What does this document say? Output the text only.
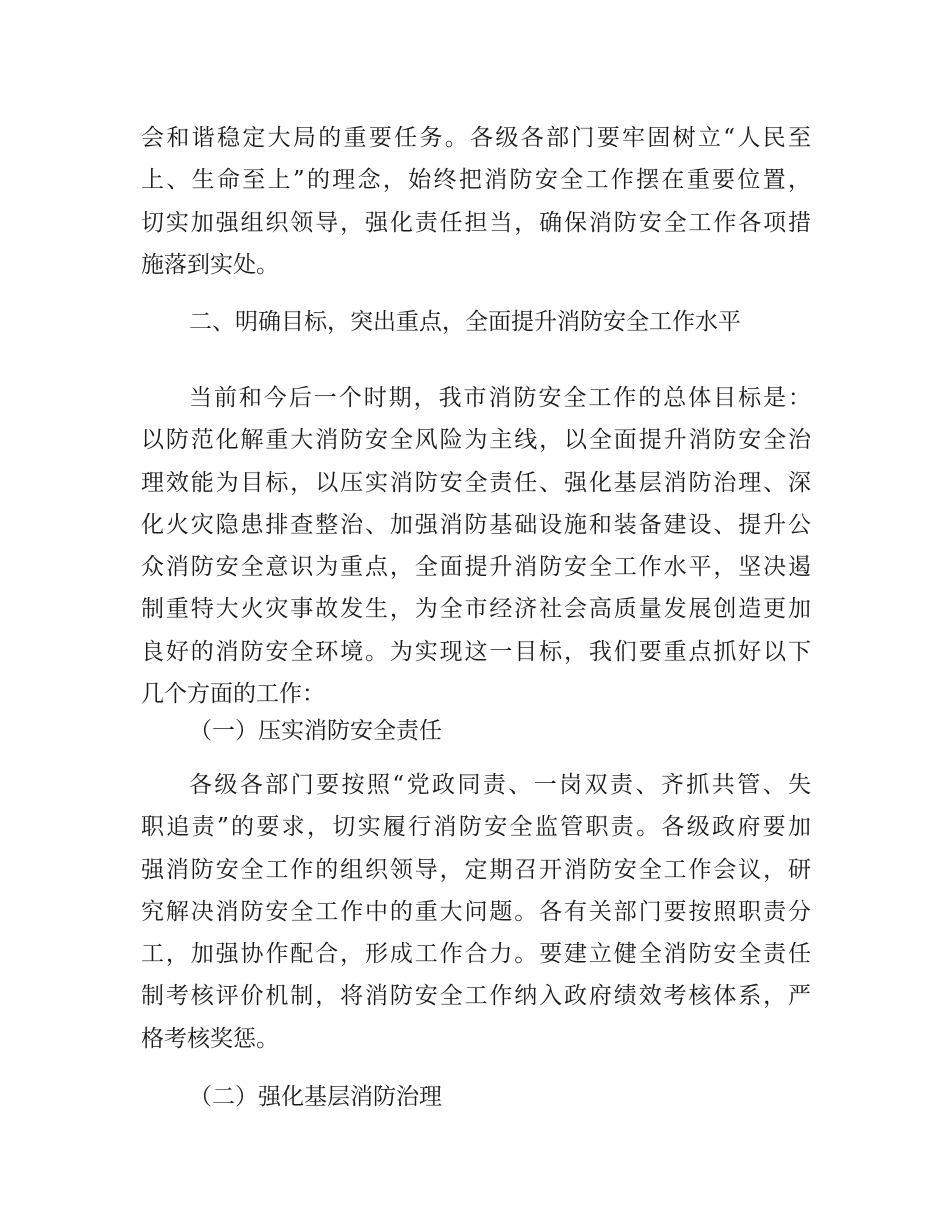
会和谐稳定大局的重要任务。各级各部门要牢固树立“人民至
上、生命至上”的理念，始终把消防安全工作摆在重要位置，
切实加强组织领导，强化责任担当，确保消防安全工作各项措
施落到实处。
二、明确目标，突出重点，全面提升消防安全工作水平
当前和今后一个时期，我市消防安全工作的总体目标是：
以防范化解重大消防安全风险为主线，以全面提升消防安全治
理效能为目标，以压实消防安全责任、强化基层消防治理、深
化火灾隐患排查整治、加强消防基础设施和装备建设、提升公
众消防安全意识为重点，全面提升消防安全工作水平，坚决遏
制重特大火灾事故发生，为全市经济社会高质量发展创造更加
良好的消防安全环境。为实现这一目标，我们要重点抓好以下
几个方面的工作：
（一）压实消防安全责任
各级各部门要按照“党政同责、一岗双责、齐抓共管、失
职追责”的要求，切实履行消防安全监管职责。各级政府要加
强消防安全工作的组织领导，定期召开消防安全工作会议，研
究解决消防安全工作中的重大问题。各有关部门要按照职责分
工，加强协作配合，形成工作合力。要建立健全消防安全责任
制考核评价机制，将消防安全工作纳入政府绩效考核体系，严
格考核奖惩。
（二）强化基层消防治理
